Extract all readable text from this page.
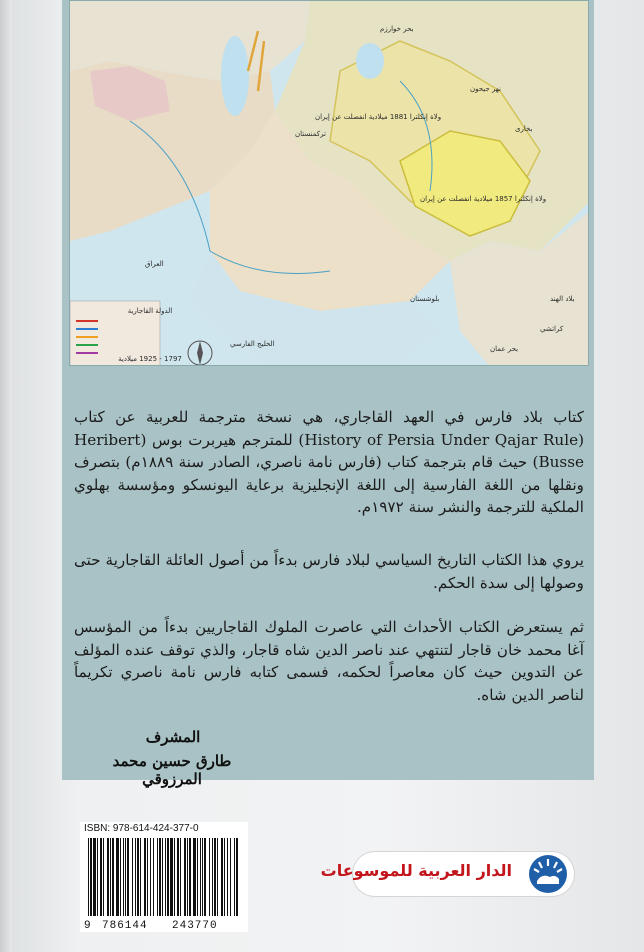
الدولة القاجارية
1797 - 1925 ميلادية
العراق
تركمنستان
بلوشستان
بخارى
نهر جيحون
بحر خوارزم
بحر عمان
كراتشي
بلاد الهند
الخليج الفارسي
ولاة إنكلترا 1881 ميلادية انفصلت عن إيران
ولاة إنكلترا 1857 ميلادية انفصلت عن إيران
كتاب بلاد فارس في العهد القاجاري، هي نسخة مترجمة للعربية عن كتاب (History of Persia Under Qajar Rule) للمترجم هيربرت بوس (Heribert Busse) حيث قام بترجمة كتاب (فارس نامة ناصري، الصادر سنة ١٨٨٩م) بتصرف ونقلها من اللغة الفارسية إلى اللغة الإنجليزية برعاية اليونسكو ومؤسسة بهلوي الملكية للترجمة والنشر سنة ١٩٧٢م.
يروي هذا الكتاب التاريخ السياسي لبلاد فارس بدءاً من أصول العائلة القاجارية حتى وصولها إلى سدة الحكم.
ثم يستعرض الكتاب الأحداث التي عاصرت الملوك القاجاريين بدءاً من المؤسس آغا محمد خان قاجار لتنتهي عند ناصر الدين شاه قاجار، والذي توقف عنده المؤلف عن التدوين حيث كان معاصراً لحكمه، فسمى كتابه فارس نامة ناصري تكريماً لناصر الدين شاه.
المشرف
طارق حسين محمد المرزوقي
ISBN: 978-614-424-377-0
9 786144 243770
الدار العربية للموسوعات
